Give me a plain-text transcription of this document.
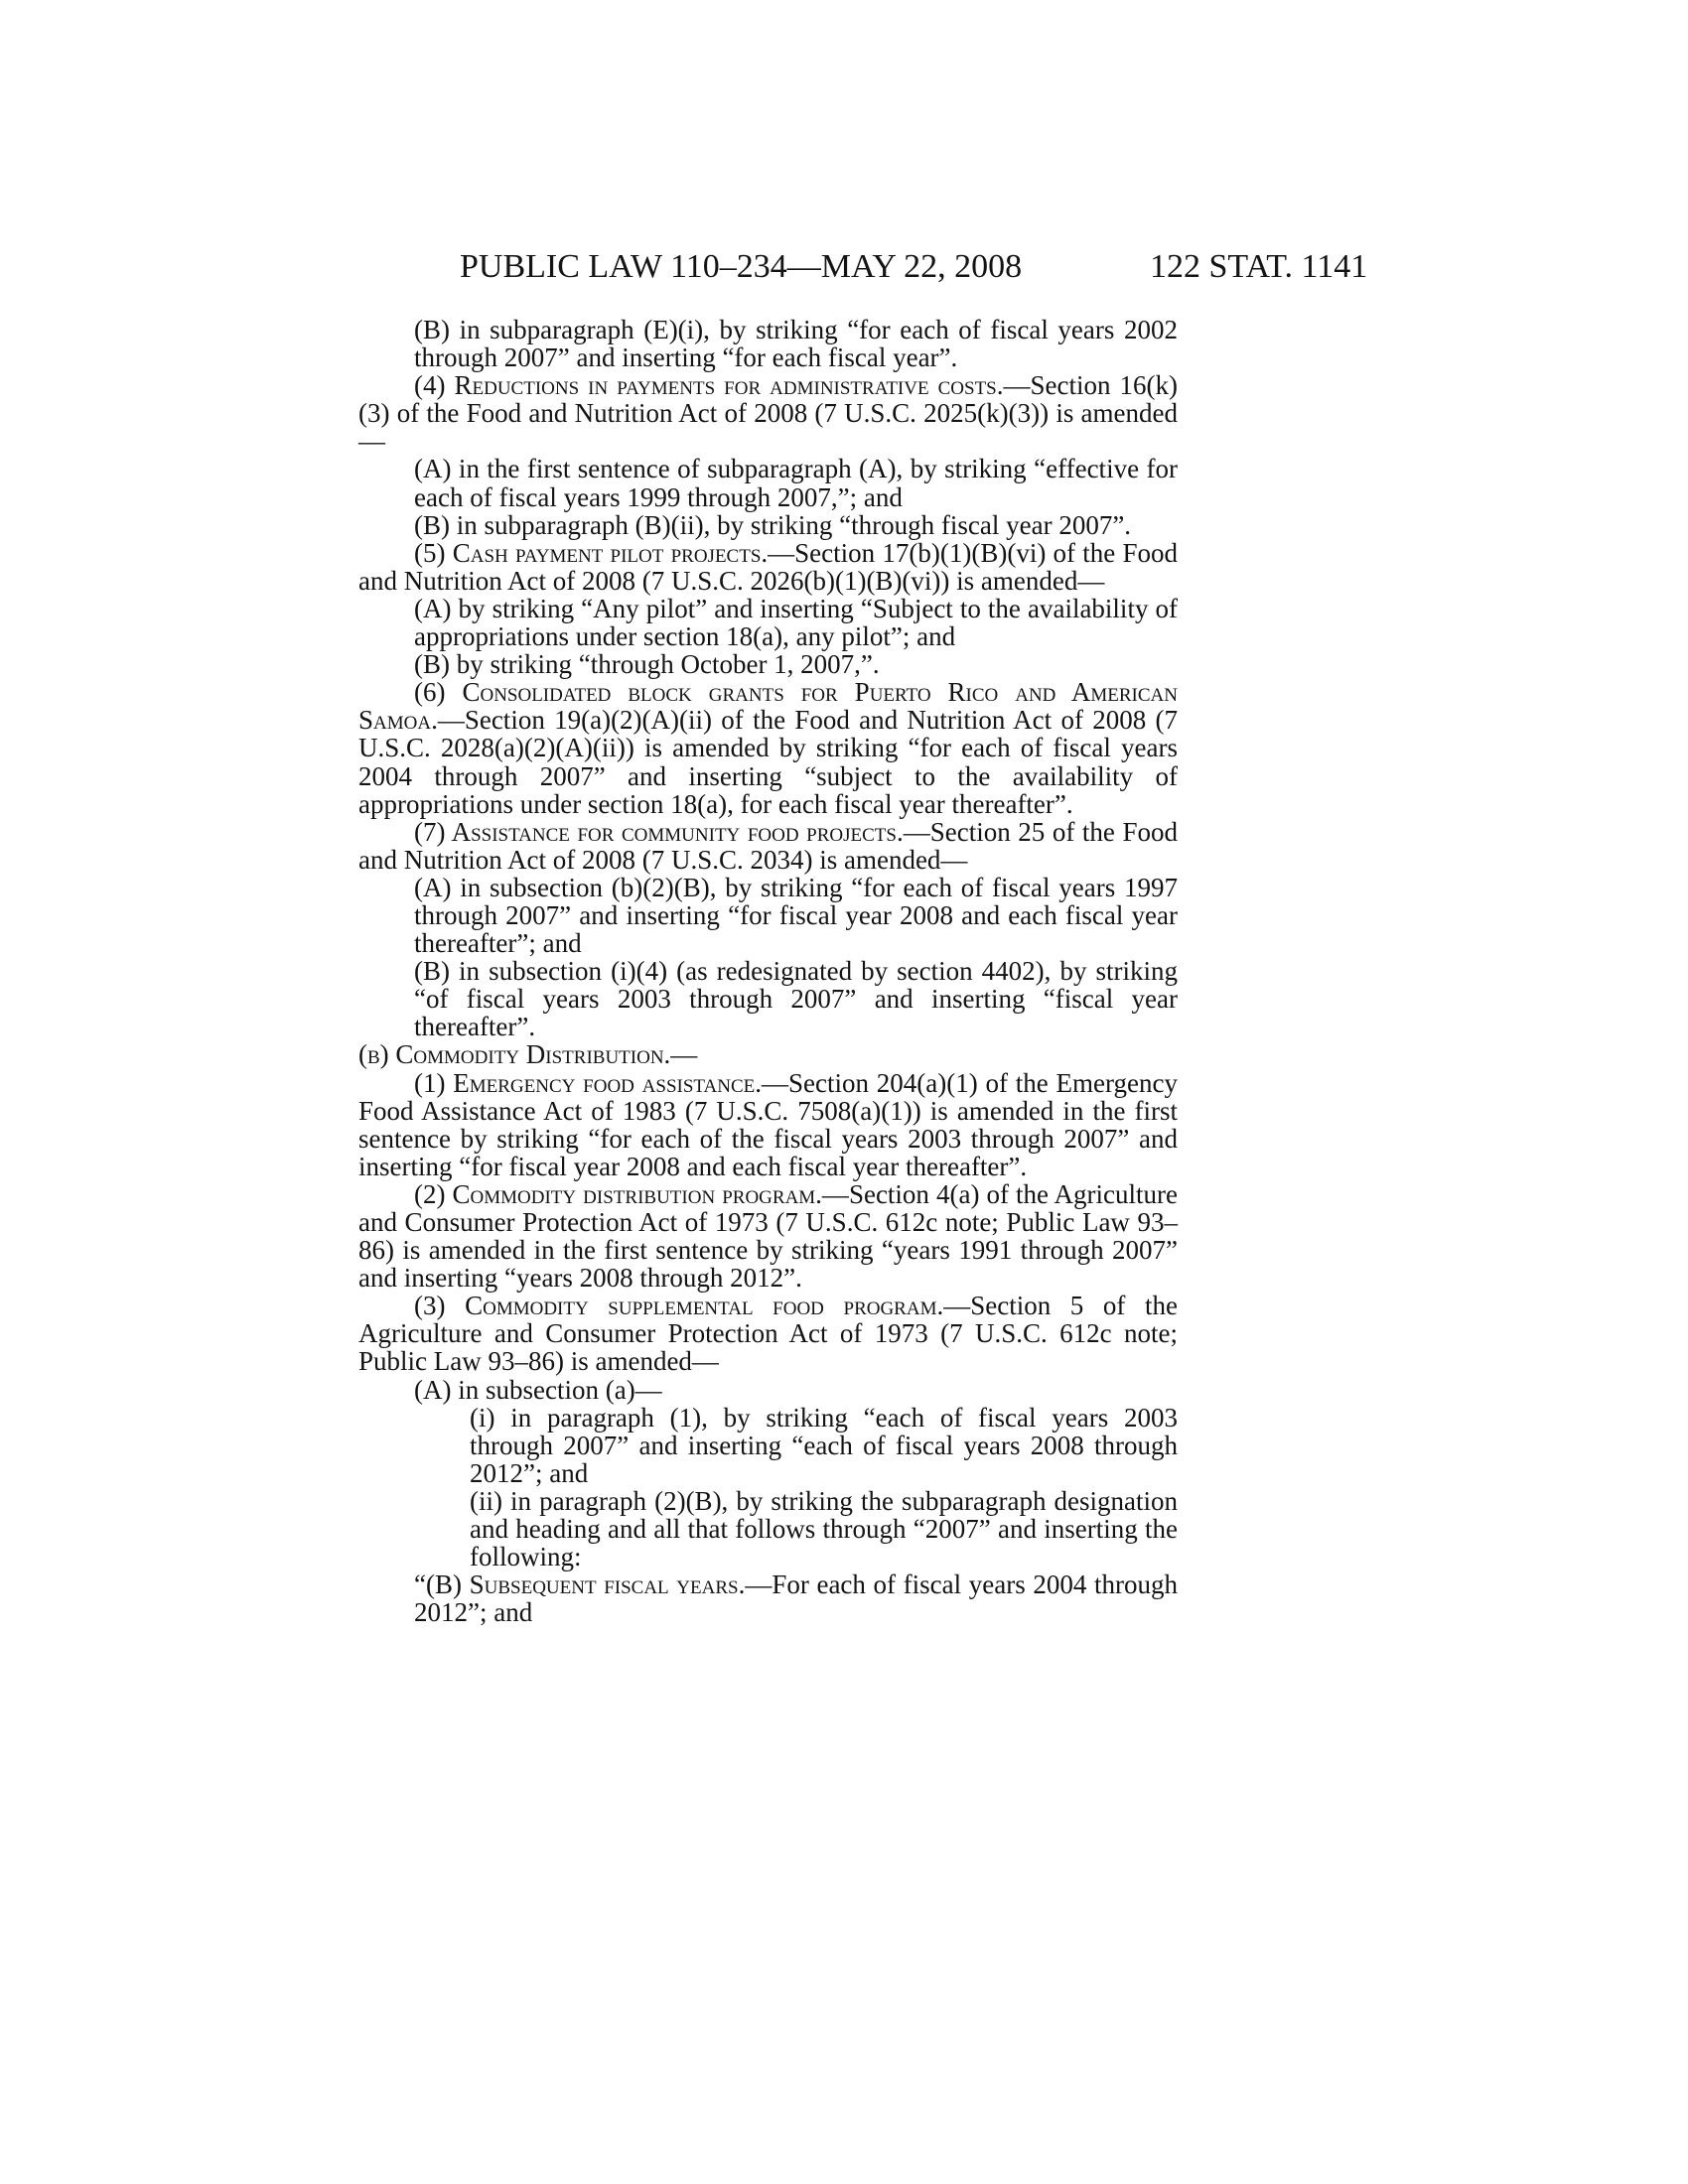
PUBLIC LAW 110–234—MAY 22, 2008	122 STAT. 1141

(B) in subparagraph (E)(i), by striking “for each of fiscal years 2002 through 2007” and inserting “for each fiscal year”.

(4) Reductions in payments for administrative costs.—Section 16(k)(3) of the Food and Nutrition Act of 2008 (7 U.S.C. 2025(k)(3)) is amended—

(A) in the first sentence of subparagraph (A), by striking “effective for each of fiscal years 1999 through 2007,”; and

(B) in subparagraph (B)(ii), by striking “through fiscal year 2007”.

(5) Cash payment pilot projects.—Section 17(b)(1)(B)(vi) of the Food and Nutrition Act of 2008 (7 U.S.C. 2026(b)(1)(B)(vi)) is amended—

(A) by striking “Any pilot” and inserting “Subject to the availability of appropriations under section 18(a), any pilot”; and

(B) by striking “through October 1, 2007,”.

(6) Consolidated block grants for Puerto Rico and American Samoa.—Section 19(a)(2)(A)(ii) of the Food and Nutrition Act of 2008 (7 U.S.C. 2028(a)(2)(A)(ii)) is amended by striking “for each of fiscal years 2004 through 2007” and inserting “subject to the availability of appropriations under section 18(a), for each fiscal year thereafter”.

(7) Assistance for community food projects.—Section 25 of the Food and Nutrition Act of 2008 (7 U.S.C. 2034) is amended—

(A) in subsection (b)(2)(B), by striking “for each of fiscal years 1997 through 2007” and inserting “for fiscal year 2008 and each fiscal year thereafter”; and

(B) in subsection (i)(4) (as redesignated by section 4402), by striking “of fiscal years 2003 through 2007” and inserting “fiscal year thereafter”.

(b) Commodity Distribution.—

(1) Emergency food assistance.—Section 204(a)(1) of the Emergency Food Assistance Act of 1983 (7 U.S.C. 7508(a)(1)) is amended in the first sentence by striking “for each of the fiscal years 2003 through 2007” and inserting “for fiscal year 2008 and each fiscal year thereafter”.

(2) Commodity distribution program.—Section 4(a) of the Agriculture and Consumer Protection Act of 1973 (7 U.S.C. 612c note; Public Law 93–86) is amended in the first sentence by striking “years 1991 through 2007” and inserting “years 2008 through 2012”.

(3) Commodity supplemental food program.—Section 5 of the Agriculture and Consumer Protection Act of 1973 (7 U.S.C. 612c note; Public Law 93–86) is amended—

(A) in subsection (a)—

(i) in paragraph (1), by striking “each of fiscal years 2003 through 2007” and inserting “each of fiscal years 2008 through 2012”; and

(ii) in paragraph (2)(B), by striking the subparagraph designation and heading and all that follows through “2007” and inserting the following:

“(B) Subsequent fiscal years.—For each of fiscal years 2004 through 2012”; and
